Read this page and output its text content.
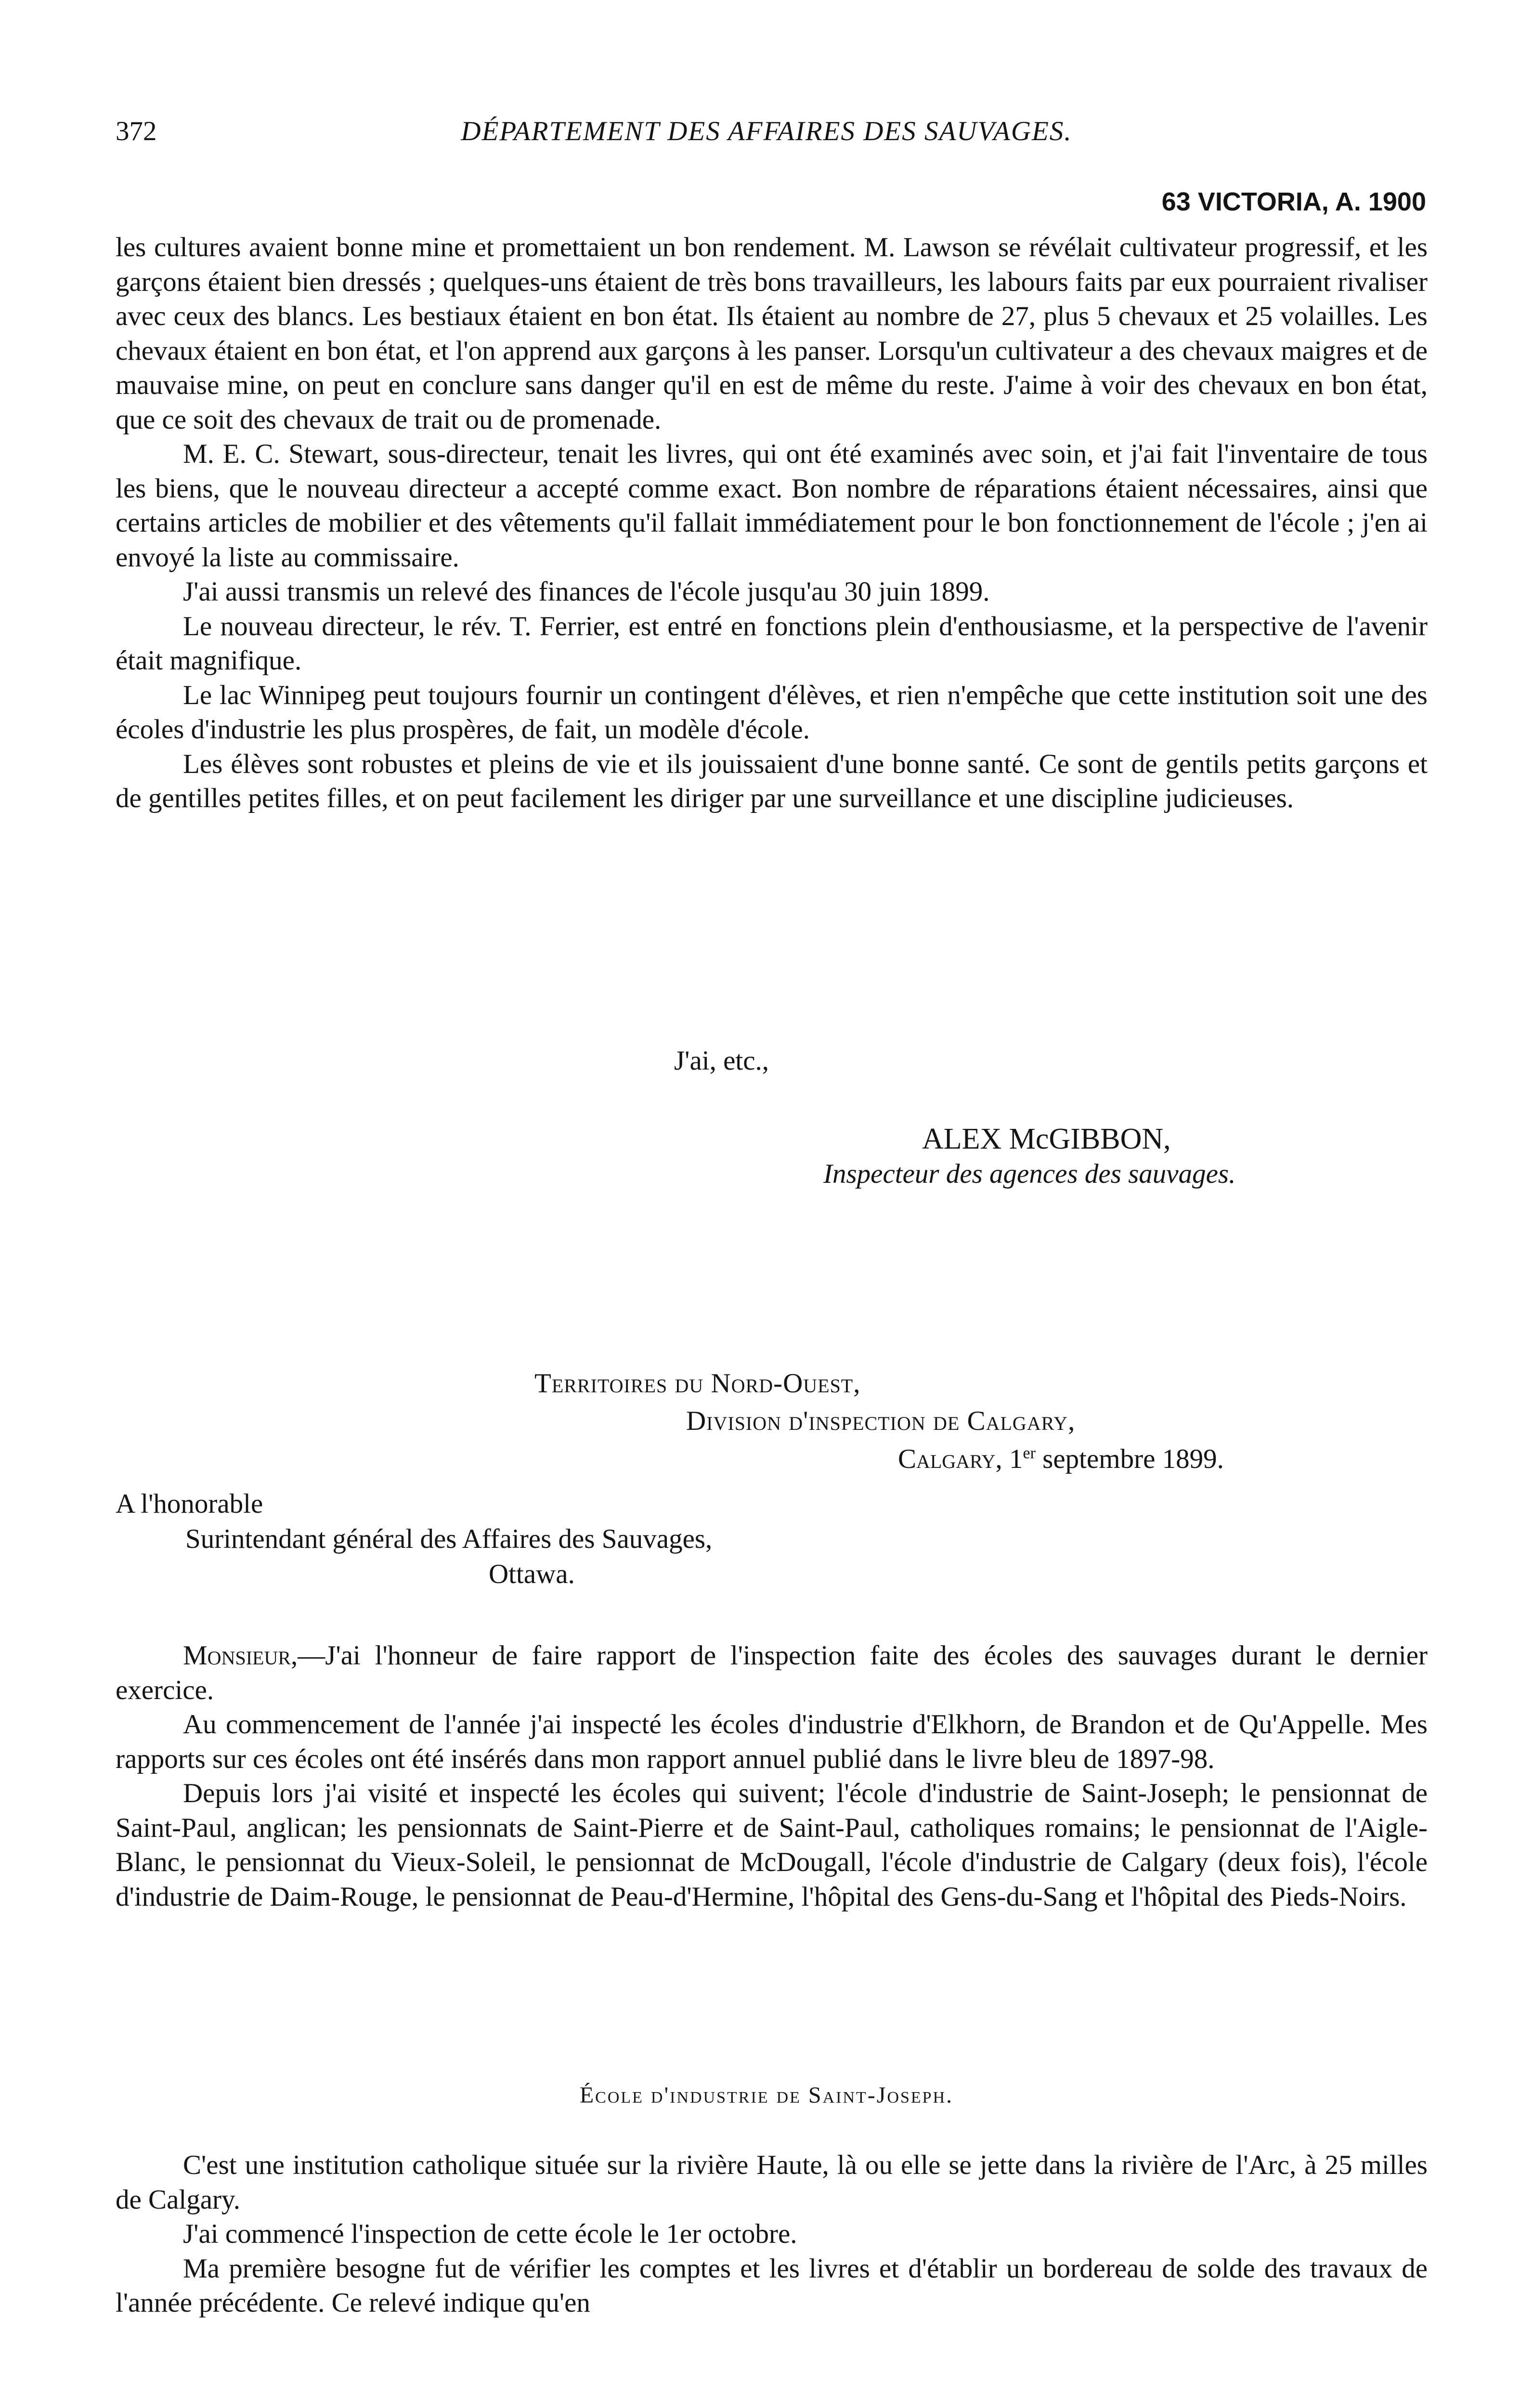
372	DÉPARTEMENT DES AFFAIRES DES SAUVAGES.
63 VICTORIA, A. 1900

les cultures avaient bonne mine et promettaient un bon rendement. M. Lawson se révélait cultivateur progressif, et les garçons étaient bien dressés ; quelques-uns étaient de très bons travailleurs, les labours faits par eux pourraient rivaliser avec ceux des blancs. Les bestiaux étaient en bon état. Ils étaient au nombre de 27, plus 5 chevaux et 25 volailles. Les chevaux étaient en bon état, et l'on apprend aux garçons à les panser. Lorsqu'un cultivateur a des chevaux maigres et de mauvaise mine, on peut en conclure sans danger qu'il en est de même du reste. J'aime à voir des chevaux en bon état, que ce soit des chevaux de trait ou de promenade.

M. E. C. Stewart, sous-directeur, tenait les livres, qui ont été examinés avec soin, et j'ai fait l'inventaire de tous les biens, que le nouveau directeur a accepté comme exact. Bon nombre de réparations étaient nécessaires, ainsi que certains articles de mobilier et des vêtements qu'il fallait immédiatement pour le bon fonctionnement de l'école ; j'en ai envoyé la liste au commissaire.

J'ai aussi transmis un relevé des finances de l'école jusqu'au 30 juin 1899.

Le nouveau directeur, le rév. T. Ferrier, est entré en fonctions plein d'enthousiasme, et la perspective de l'avenir était magnifique.

Le lac Winnipeg peut toujours fournir un contingent d'élèves, et rien n'empêche que cette institution soit une des écoles d'industrie les plus prospères, de fait, un modèle d'école.

Les élèves sont robustes et pleins de vie et ils jouissaient d'une bonne santé. Ce sont de gentils petits garçons et de gentilles petites filles, et on peut facilement les diriger par une surveillance et une discipline judicieuses.

J'ai, etc.,
ALEX McGIBBON,
Inspecteur des agences des sauvages.
Territoires du Nord-Ouest,
Division d'inspection de Calgary,
Calgary, 1er septembre 1899.
A l'honorable
Surintendant général des Affaires des Sauvages,
Ottawa.

Monsieur,—J'ai l'honneur de faire rapport de l'inspection faite des écoles des sauvages durant le dernier exercice.

Au commencement de l'année j'ai inspecté les écoles d'industrie d'Elkhorn, de Brandon et de Qu'Appelle. Mes rapports sur ces écoles ont été insérés dans mon rapport annuel publié dans le livre bleu de 1897-98.

Depuis lors j'ai visité et inspecté les écoles qui suivent; l'école d'industrie de Saint-Joseph; le pensionnat de Saint-Paul, anglican; les pensionnats de Saint-Pierre et de Saint-Paul, catholiques romains; le pensionnat de l'Aigle-Blanc, le pensionnat du Vieux-Soleil, le pensionnat de McDougall, l'école d'industrie de Calgary (deux fois), l'école d'industrie de Daim-Rouge, le pensionnat de Peau-d'Hermine, l'hôpital des Gens-du-Sang et l'hôpital des Pieds-Noirs.

École d'industrie de Saint-Joseph.

C'est une institution catholique située sur la rivière Haute, là ou elle se jette dans la rivière de l'Arc, à 25 milles de Calgary.

J'ai commencé l'inspection de cette école le 1er octobre.

Ma première besogne fut de vérifier les comptes et les livres et d'établir un bordereau de solde des travaux de l'année précédente. Ce relevé indique qu'en
